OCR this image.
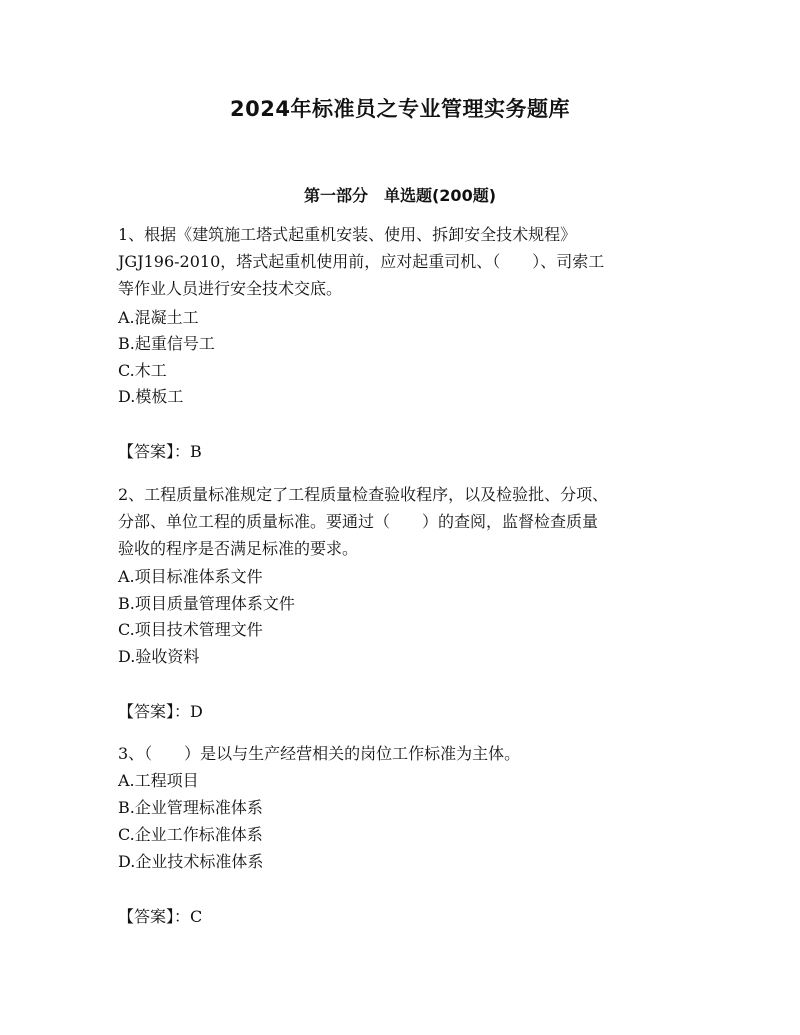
2024年标准员之专业管理实务题库
第一部分　单选题(200题)
1、根据《建筑施工塔式起重机安装、使用、拆卸安全技术规程》
JGJ196-2010，塔式起重机使用前，应对起重司机、（　　）、司索工
等作业人员进行安全技术交底。
A.混凝土工
B.起重信号工
C.木工
D.模板工
【答案】：B
2、工程质量标准规定了工程质量检查验收程序，以及检验批、分项、
分部、单位工程的质量标准。要通过（　　）的查阅，监督检查质量
验收的程序是否满足标准的要求。
A.项目标准体系文件
B.项目质量管理体系文件
C.项目技术管理文件
D.验收资料
【答案】：D
3、（　　）是以与生产经营相关的岗位工作标准为主体。
A.工程项目
B.企业管理标准体系
C.企业工作标准体系
D.企业技术标准体系
【答案】：C
